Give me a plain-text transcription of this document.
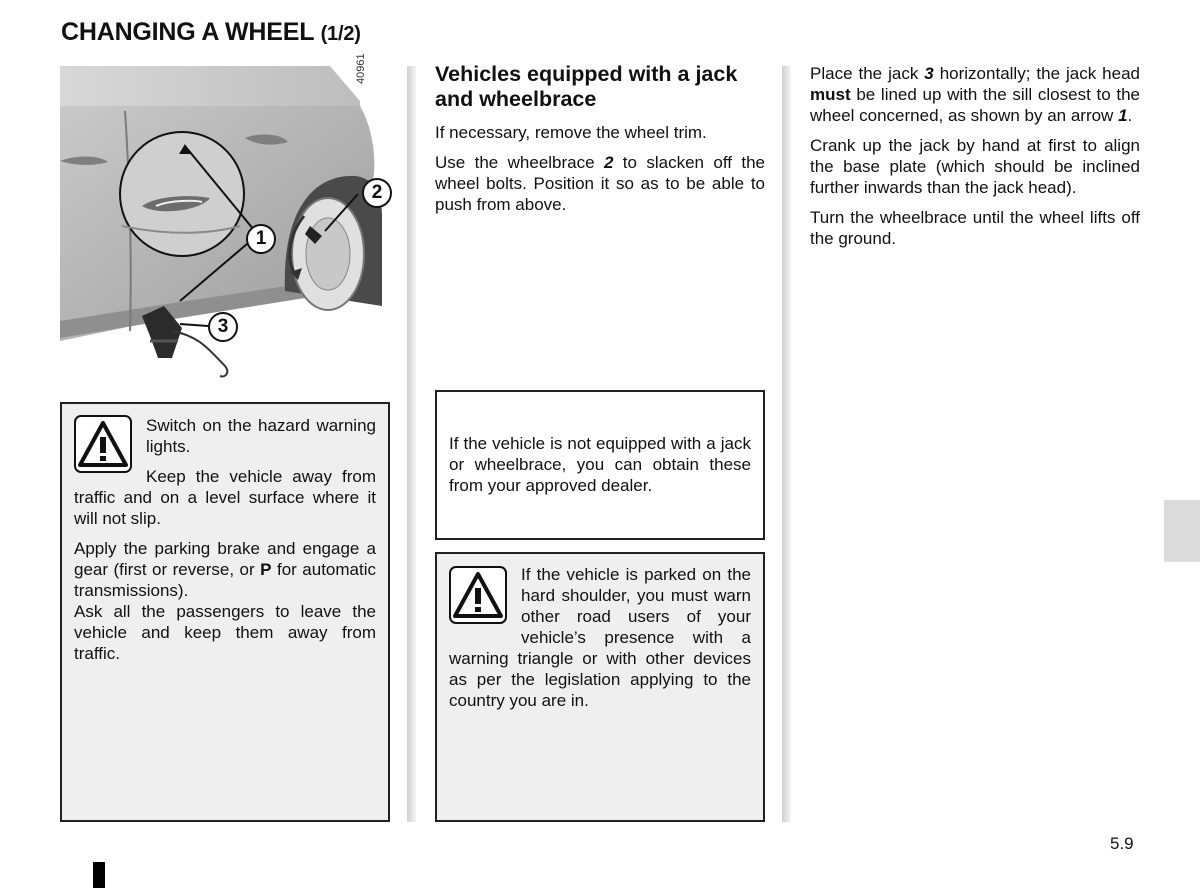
CHANGING A WHEEL (1/2)
40961
1
2
3

Switch on the hazard warning lights.

Keep the vehicle away from traffic and on a level surface where it will not slip.

Apply the parking brake and engage a gear (first or reverse, or P for automatic transmissions).

Ask all the passengers to leave the vehicle and keep them away from traffic.

Vehicles equipped with a jack and wheelbrace

If necessary, remove the wheel trim.

Use the wheelbrace 2 to slacken off the wheel bolts. Position it so as to be able to push from above.

If the vehicle is not equipped with a jack or wheelbrace, you can obtain these from your approved dealer.

If the vehicle is parked on the hard shoulder, you must warn other road users of your vehicle’s presence with a warning triangle or with other devices as per the legislation applying to the country you are in.

Place the jack 3 horizontally; the jack head must be lined up with the sill closest to the wheel concerned, as shown by an arrow 1.

Crank up the jack by hand at first to align the base plate (which should be inclined further inwards than the jack head).

Turn the wheelbrace until the wheel lifts off the ground.

5.9
